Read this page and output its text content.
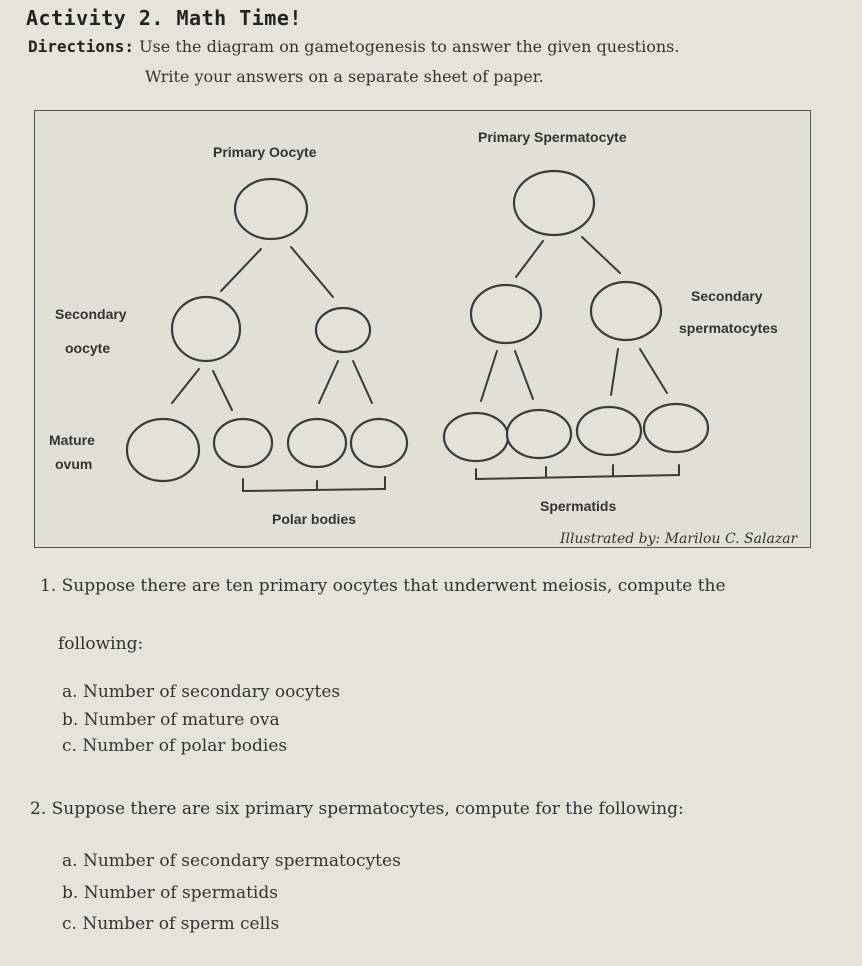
Activity 2. Math Time!
Directions: Use the diagram on gametogenesis to answer the given questions.
Write your answers on a separate sheet of paper.
Primary Oocyte
Secondary
oocyte
Mature
ovum
Polar bodies
Primary Spermatocyte
Secondary
spermatocytes
Spermatids
Illustrated by: Marilou C. Salazar
1. Suppose there are ten primary oocytes that underwent meiosis, compute the
following:
a. Number of secondary oocytes
b. Number of mature ova
c. Number of polar bodies
2. Suppose there are six primary spermatocytes, compute for the following:
a. Number of secondary spermatocytes
b. Number of spermatids
c. Number of sperm cells
